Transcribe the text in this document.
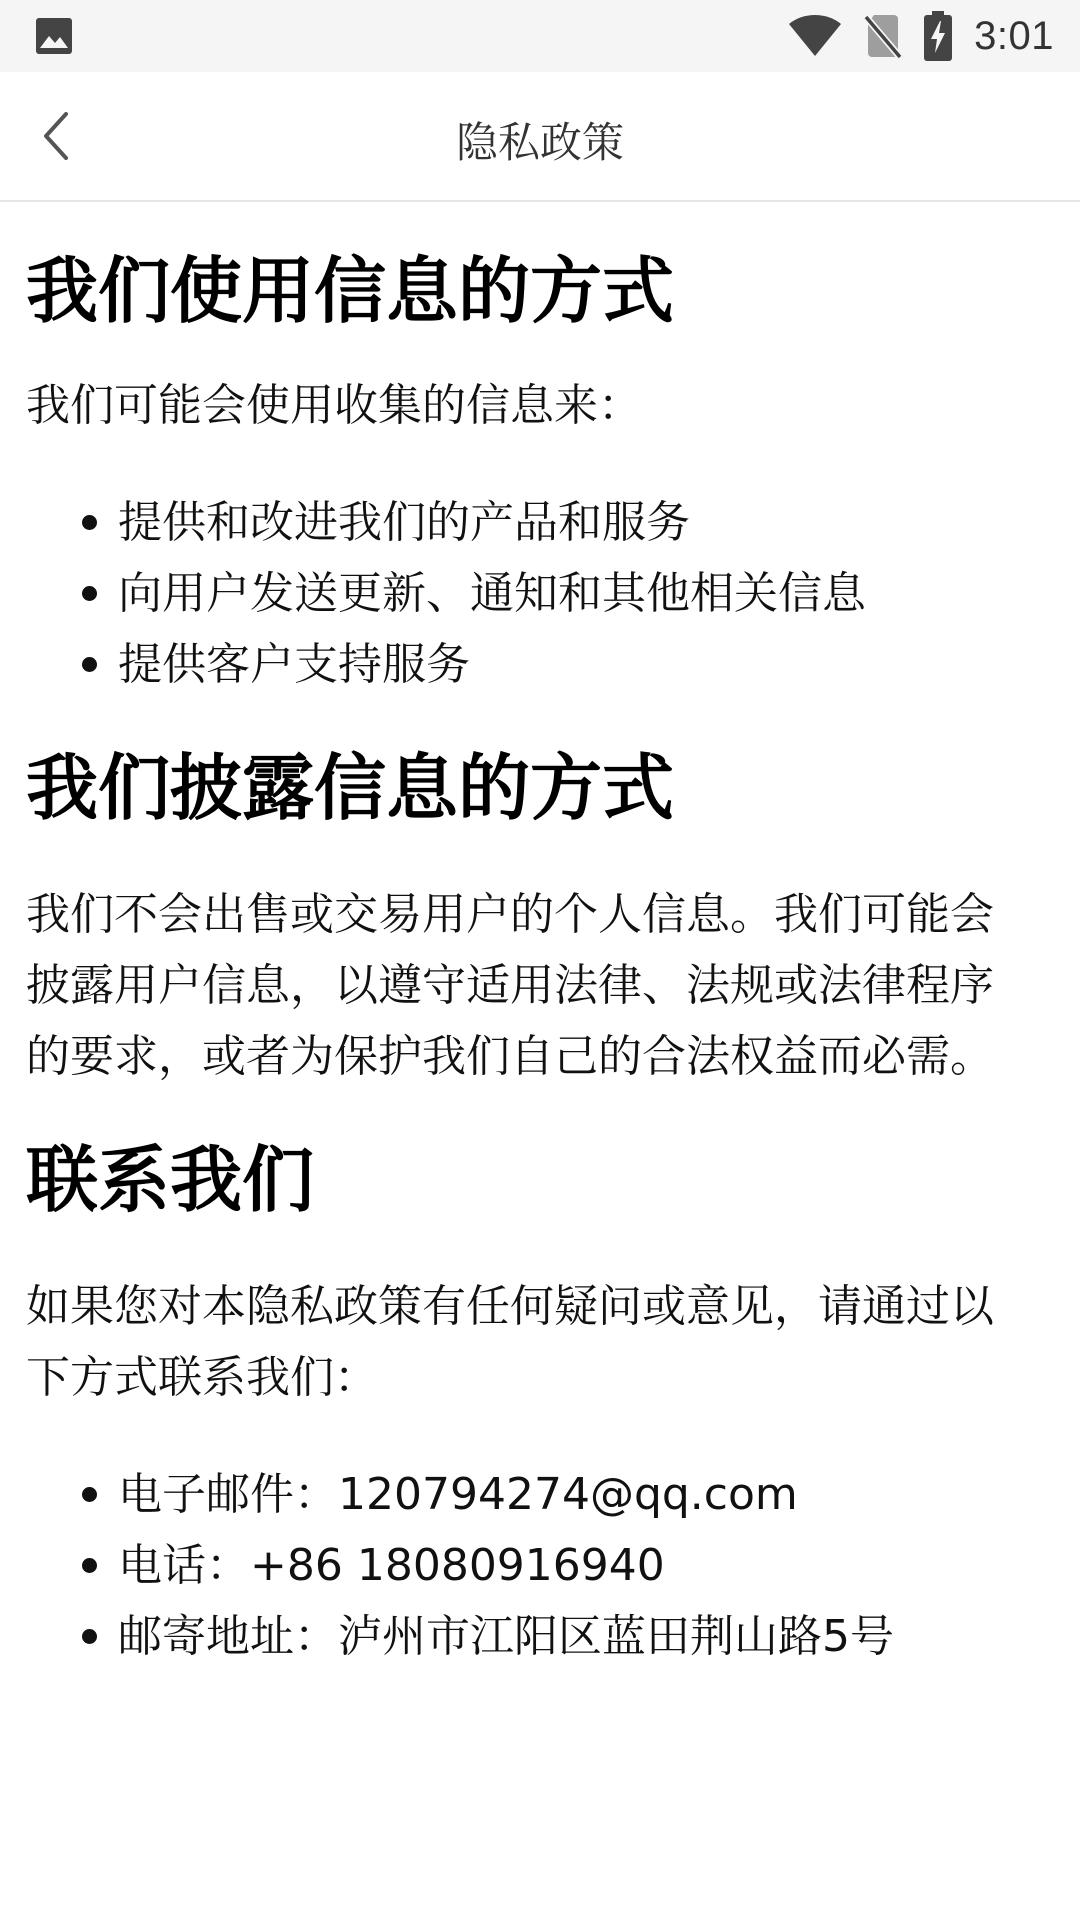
3:01
隐私政策
我们使用信息的方式

我们可能会使用收集的信息来：

提供和改进我们的产品和服务
向用户发送更新、通知和其他相关信息
提供客户支持服务
我们披露信息的方式

我们不会出售或交易用户的个人信息。我们可能会披露用户信息，以遵守适用法律、法规或法律程序的要求，或者为保护我们自己的合法权益而必需。

联系我们

如果您对本隐私政策有任何疑问或意见，请通过以下方式联系我们：

电子邮件：120794274@qq.com
电话：+86 18080916940
邮寄地址：泸州市江阳区蓝田荆山路5号
